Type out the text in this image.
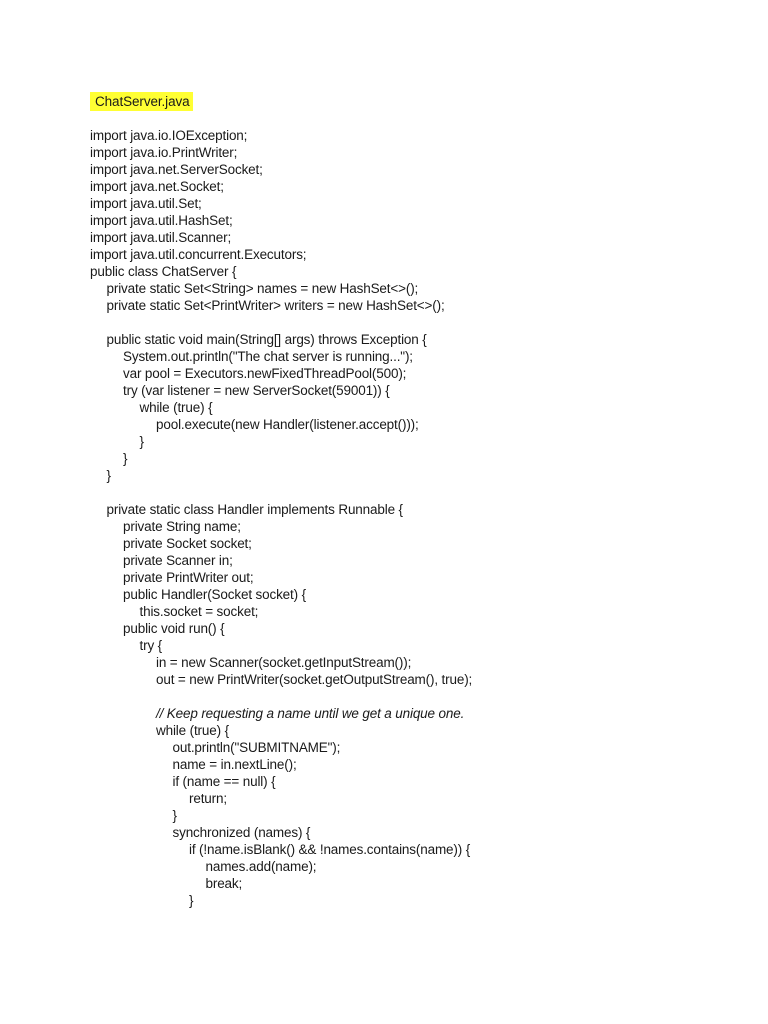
ChatServer.java
import java.io.IOException;
import java.io.PrintWriter;
import java.net.ServerSocket;
import java.net.Socket;
import java.util.Set;
import java.util.HashSet;
import java.util.Scanner;
import java.util.concurrent.Executors;
public class ChatServer {
private static Set<String> names = new HashSet<>();
private static Set<PrintWriter> writers = new HashSet<>();
public static void main(String[] args) throws Exception {
System.out.println("The chat server is running...");
var pool = Executors.newFixedThreadPool(500);
try (var listener = new ServerSocket(59001)) {
while (true) {
pool.execute(new Handler(listener.accept()));
}
}
}
private static class Handler implements Runnable {
private String name;
private Socket socket;
private Scanner in;
private PrintWriter out;
public Handler(Socket socket) {
this.socket = socket;
public void run() {
try {
in = new Scanner(socket.getInputStream());
out = new PrintWriter(socket.getOutputStream(), true);
// Keep requesting a name until we get a unique one.
while (true) {
out.println("SUBMITNAME");
name = in.nextLine();
if (name == null) {
return;
}
synchronized (names) {
if (!name.isBlank() && !names.contains(name)) {
names.add(name);
break;
}
